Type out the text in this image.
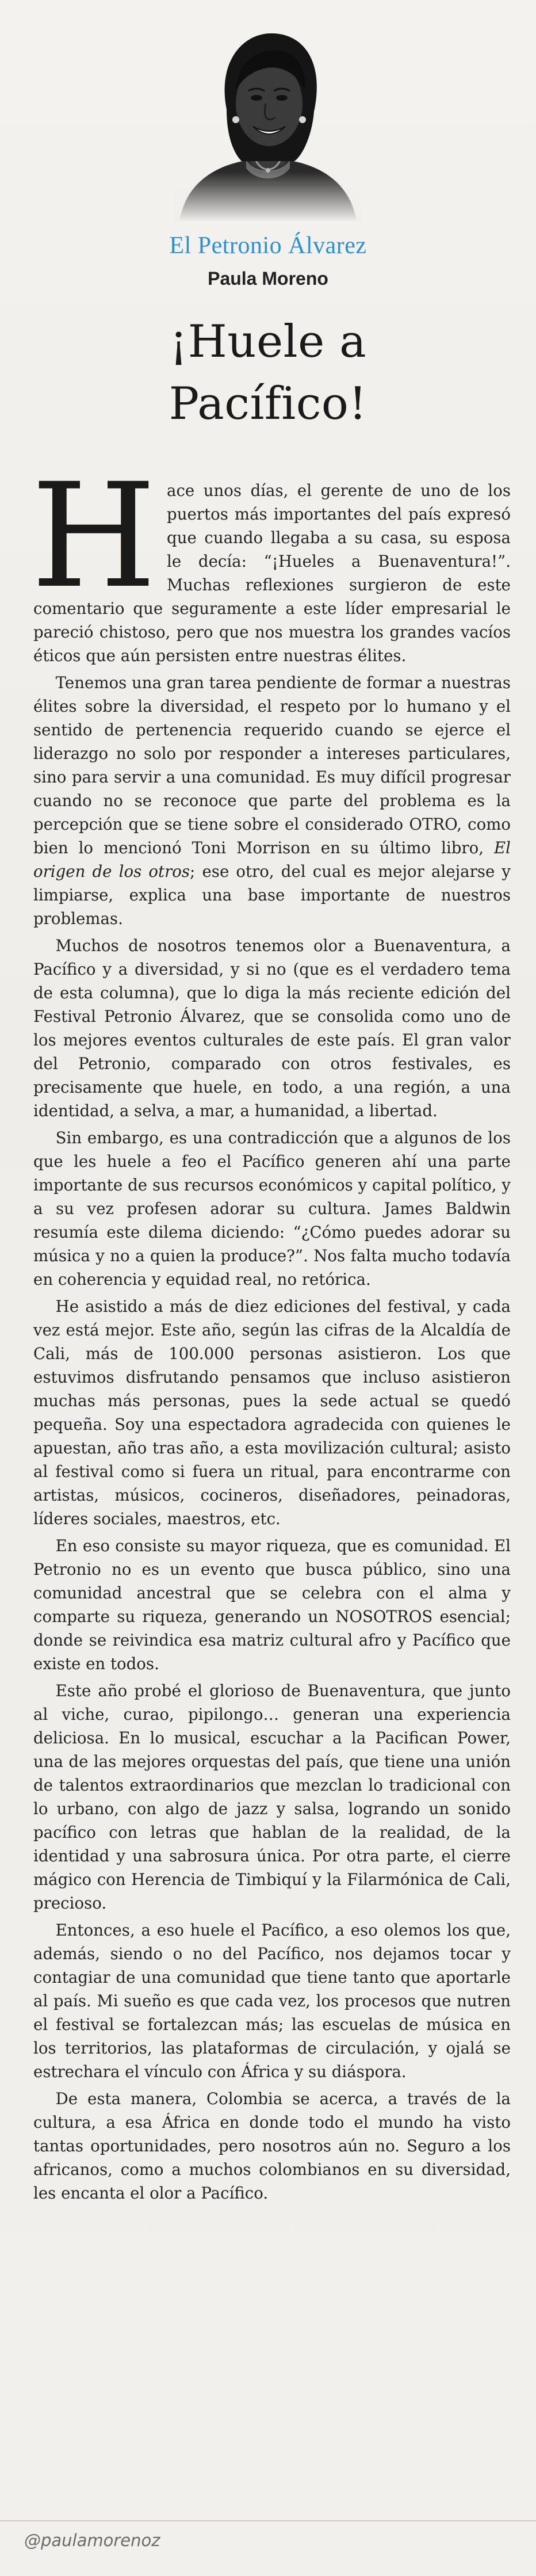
El Petronio Álvarez
Paula Moreno
¡Huele a
Pacífico!

Hace unos días, el gerente de uno de los puertos más importantes del país expresó que cuando llegaba a su casa, su esposa le decía: “¡Hueles a Buenaventura!”. Muchas reflexiones surgieron de este comentario que seguramente a este líder empresarial le pareció chistoso, pero que nos muestra los grandes vacíos éticos que aún persisten entre nuestras élites.

Tenemos una gran tarea pendiente de formar a nuestras élites sobre la diversidad, el respeto por lo humano y el sentido de pertenencia requerido cuando se ejerce el liderazgo no solo por responder a intereses particulares, sino para servir a una comunidad. Es muy difícil progresar cuando no se reconoce que parte del problema es la percepción que se tiene sobre el considerado OTRO, como bien lo mencionó Toni Morrison en su último libro, El origen de los otros; ese otro, del cual es mejor alejarse y limpiarse, explica una base importante de nuestros problemas.

Muchos de nosotros tenemos olor a Buenaventura, a Pacífico y a diversidad, y si no (que es el verdadero tema de esta columna), que lo diga la más reciente edición del Festival Petronio Álvarez, que se consolida como uno de los mejores eventos culturales de este país. El gran valor del Petronio, comparado con otros festivales, es precisamente que huele, en todo, a una región, a una identidad, a selva, a mar, a humanidad, a libertad.

Sin embargo, es una contradicción que a algunos de los que les huele a feo el Pacífico generen ahí una parte importante de sus recursos económicos y capital político, y a su vez profesen adorar su cultura. James Baldwin resumía este dilema diciendo: “¿Cómo puedes adorar su música y no a quien la produce?”. Nos falta mucho todavía en coherencia y equidad real, no retórica.

He asistido a más de diez ediciones del festival, y cada vez está mejor. Este año, según las cifras de la Alcaldía de Cali, más de 100.000 personas asistieron. Los que estuvimos disfrutando pensamos que incluso asistieron muchas más personas, pues la sede actual se quedó pequeña. Soy una espectadora agradecida con quienes le apuestan, año tras año, a esta movilización cultural; asisto al festival como si fuera un ritual, para encontrarme con artistas, músicos, cocineros, diseñadores, peinadoras, líderes sociales, maestros, etc.

En eso consiste su mayor riqueza, que es comunidad. El Petronio no es un evento que busca público, sino una comunidad ancestral que se celebra con el alma y comparte su riqueza, generando un NOSOTROS esencial; donde se reivindica esa matriz cultural afro y Pacífico que existe en todos.

Este año probé el glorioso de Buenaventura, que junto al viche, curao, pipilongo… generan una experiencia deliciosa. En lo musical, escuchar a la Pacifican Power, una de las mejores orquestas del país, que tiene una unión de talentos extraordinarios que mezclan lo tradicional con lo urbano, con algo de jazz y salsa, logrando un sonido pacífico con letras que hablan de la realidad, de la identidad y una sabrosura única. Por otra parte, el cierre mágico con Herencia de Timbiquí y la Filarmónica de Cali, precioso.

Entonces, a eso huele el Pacífico, a eso olemos los que, además, siendo o no del Pacífico, nos dejamos tocar y contagiar de una comunidad que tiene tanto que aportarle al país. Mi sueño es que cada vez, los procesos que nutren el festival se fortalezcan más; las escuelas de música en los territorios, las plataformas de circulación, y ojalá se estrechara el vínculo con África y su diáspora.

De esta manera, Colombia se acerca, a través de la cultura, a esa África en donde todo el mundo ha visto tantas oportunidades, pero nosotros aún no. Seguro a los africanos, como a muchos colombianos en su diversidad, les encanta el olor a Pacífico.

@paulamorenoz
